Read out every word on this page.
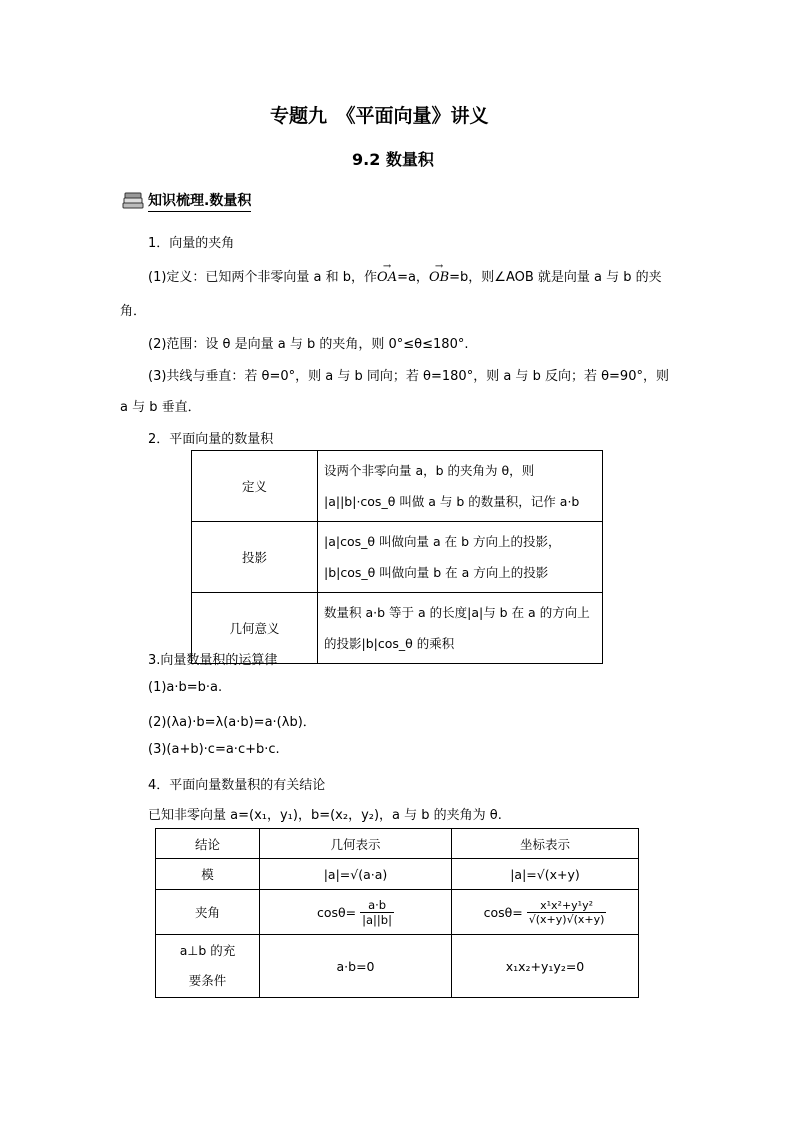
专题九　《平面向量》讲义
9.2 数量积
知识梳理.数量积
1．向量的夹角
(1)定义：已知两个非零向量 a 和 b，作
→
OA=a，
→
OB=b，则∠AOB 就是向量 a 与 b 的夹
角．
(2)范围：设 θ 是向量 a 与 b 的夹角，则 0°≤θ≤180°.
(3)共线与垂直：若 θ=0°，则 a 与 b 同向；若 θ=180°，则 a 与 b 反向；若 θ=90°，则
a 与 b 垂直．
2．平面向量的数量积
定义	设两个非零向量 a，b 的夹角为 θ，则
|a||b|·cos_θ 叫做 a 与 b 的数量积，记作 a·b

投影	|a|cos_θ 叫做向量 a 在 b 方向上的投影，
|b|cos_θ 叫做向量 b 在 a 方向上的投影

几何意义	数量积 a·b 等于 a 的长度|a|与 b 在 a 的方向上
的投影|b|cos_θ 的乘积
3.向量数量积的运算律
(1)a·b=b·a.
(2)(λa)·b=λ(a·b)=a·(λb)．
(3)(a+b)·c=a·c+b·c.
4．平面向量数量积的有关结论
已知非零向量 a=(x₁，y₁)，b=(x₂，y₂)，a 与 b 的夹角为 θ.
结论	几何表示	坐标表示
模	|a|=√(a·a)	|a|=√(x+y)
夹角	$\cos\theta= \frac{a\cdot b}{|a||b|}$	$\cos\theta= \frac{\text{x¹x²+y¹y²}}{√(x+y)√(x+y)}$

a⊥b 的充
要条件	a·b=0	x₁x₂+y₁y₂=0
